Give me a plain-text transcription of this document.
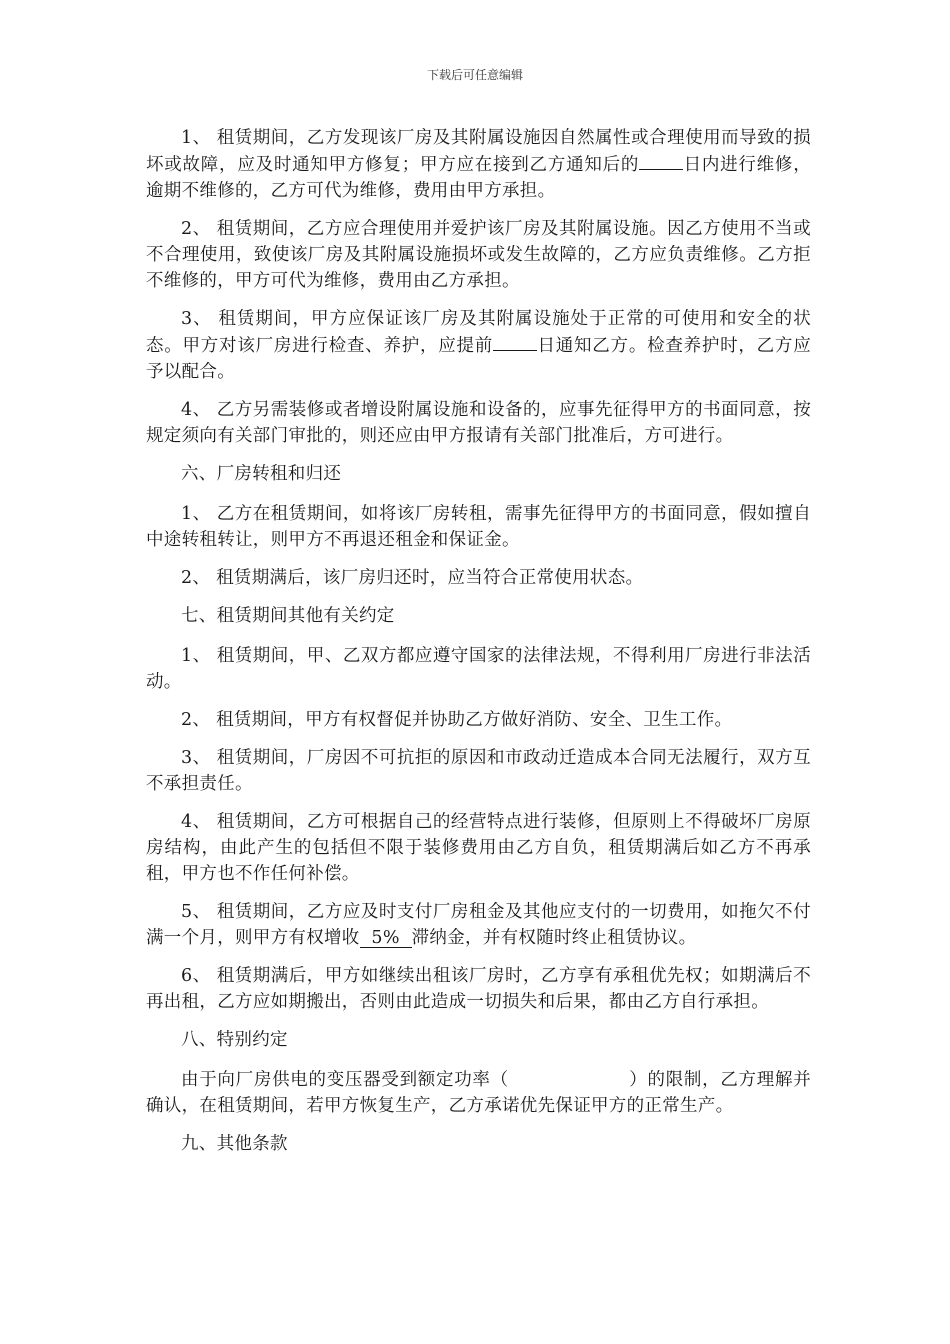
下载后可任意编辑

1、 租赁期间，乙方发现该厂房及其附属设施因自然属性或合理使用而导致的损坏或故障，应及时通知甲方修复；甲方应在接到乙方通知后的	日内进行维修，逾期不维修的，乙方可代为维修，费用由甲方承担。

2、 租赁期间，乙方应合理使用并爱护该厂房及其附属设施。因乙方使用不当或不合理使用，致使该厂房及其附属设施损坏或发生故障的，乙方应负责维修。乙方拒不维修的，甲方可代为维修，费用由乙方承担。

3、 租赁期间，甲方应保证该厂房及其附属设施处于正常的可使用和安全的状态。甲方对该厂房进行检查、养护，应提前	日通知乙方。检查养护时，乙方应予以配合。

4、 乙方另需装修或者增设附属设施和设备的，应事先征得甲方的书面同意，按规定须向有关部门审批的，则还应由甲方报请有关部门批准后，方可进行。

六、厂房转租和归还

1、 乙方在租赁期间，如将该厂房转租，需事先征得甲方的书面同意，假如擅自中途转租转让，则甲方不再退还租金和保证金。

2、 租赁期满后，该厂房归还时，应当符合正常使用状态。

七、租赁期间其他有关约定

1、 租赁期间，甲、乙双方都应遵守国家的法律法规，不得利用厂房进行非法活动。

2、 租赁期间，甲方有权督促并协助乙方做好消防、安全、卫生工作。

3、 租赁期间，厂房因不可抗拒的原因和市政动迁造成本合同无法履行，双方互不承担责任。

4、 租赁期间，乙方可根据自己的经营特点进行装修，但原则上不得破坏厂房原房结构，由此产生的包括但不限于装修费用由乙方自负，租赁期满后如乙方不再承租，甲方也不作任何补偿。

5、 租赁期间，乙方应及时支付厂房租金及其他应支付的一切费用，如拖欠不付满一个月，则甲方有权增收 5% 滞纳金，并有权随时终止租赁协议。

6、 租赁期满后，甲方如继续出租该厂房时，乙方享有承租优先权；如期满后不再出租，乙方应如期搬出，否则由此造成一切损失和后果，都由乙方自行承担。

八、特别约定

由于向厂房供电的变压器受到额定功率（	）的限制，乙方理解并确认，在租赁期间，若甲方恢复生产，乙方承诺优先保证甲方的正常生产。

九、其他条款
